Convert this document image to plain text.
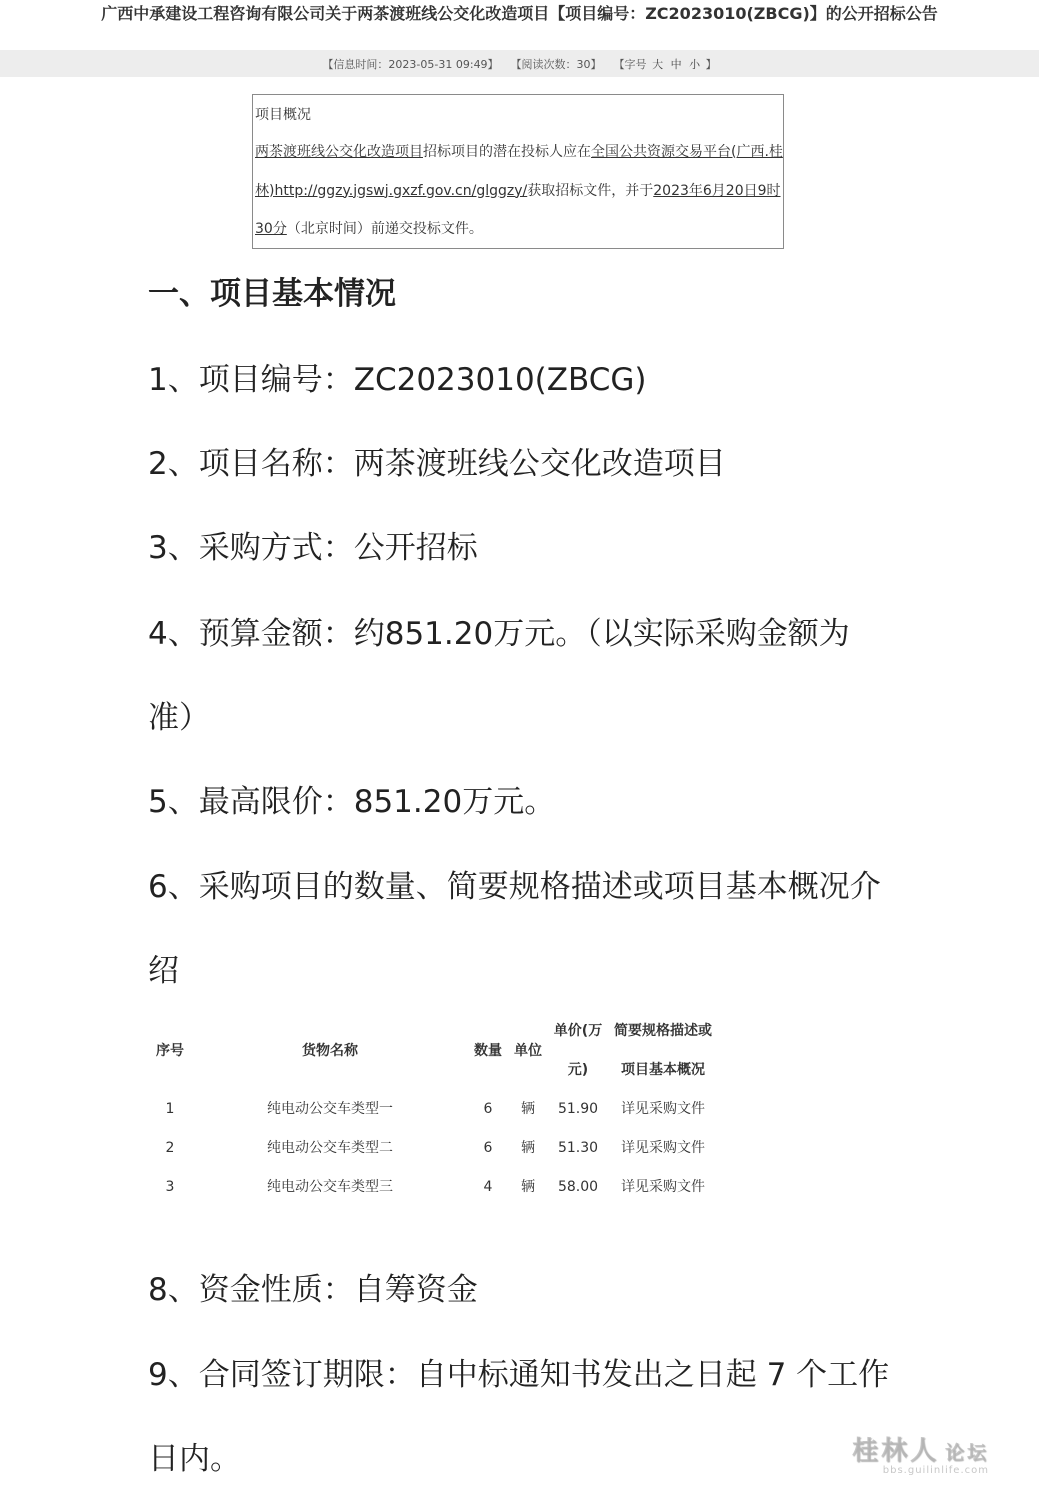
广西中承建设工程咨询有限公司关于两茶渡班线公交化改造项目【项目编号：ZC2023010(ZBCG)】的公开招标公告
【信息时间：2023-05-31 09:49】 【阅读次数：30】 【字号 大 中 小 】
项目概况
两茶渡班线公交化改造项目招标项目的潜在投标人应在全国公共资源交易平台(广西.桂林)http://ggzy.jgswj.gxzf.gov.cn/glggzy/获取招标文件，并于2023年6月20日9时30分（北京时间）前递交投标文件。
一、项目基本情况
1、项目编号：ZC2023010(ZBCG)
2、项目名称：两茶渡班线公交化改造项目
3、采购方式：公开招标
4、预算金额：约851.20万元。（以实际采购金额为准）
5、最高限价：851.20万元。
6、采购项目的数量、简要规格描述或项目基本概况介绍
序号	货物名称	数量	单位	单价(万元)	简要规格描述或项目基本概况

1	纯电动公交车类型一	6	辆	51.90	详见采购文件
2	纯电动公交车类型二	6	辆	51.30	详见采购文件
3	纯电动公交车类型三	4	辆	58.00	详见采购文件
8、资金性质：自筹资金
9、合同签订期限：自中标通知书发出之日起 7 个工作日内。	桂林人 论坛
bbs.guilinlife.com
